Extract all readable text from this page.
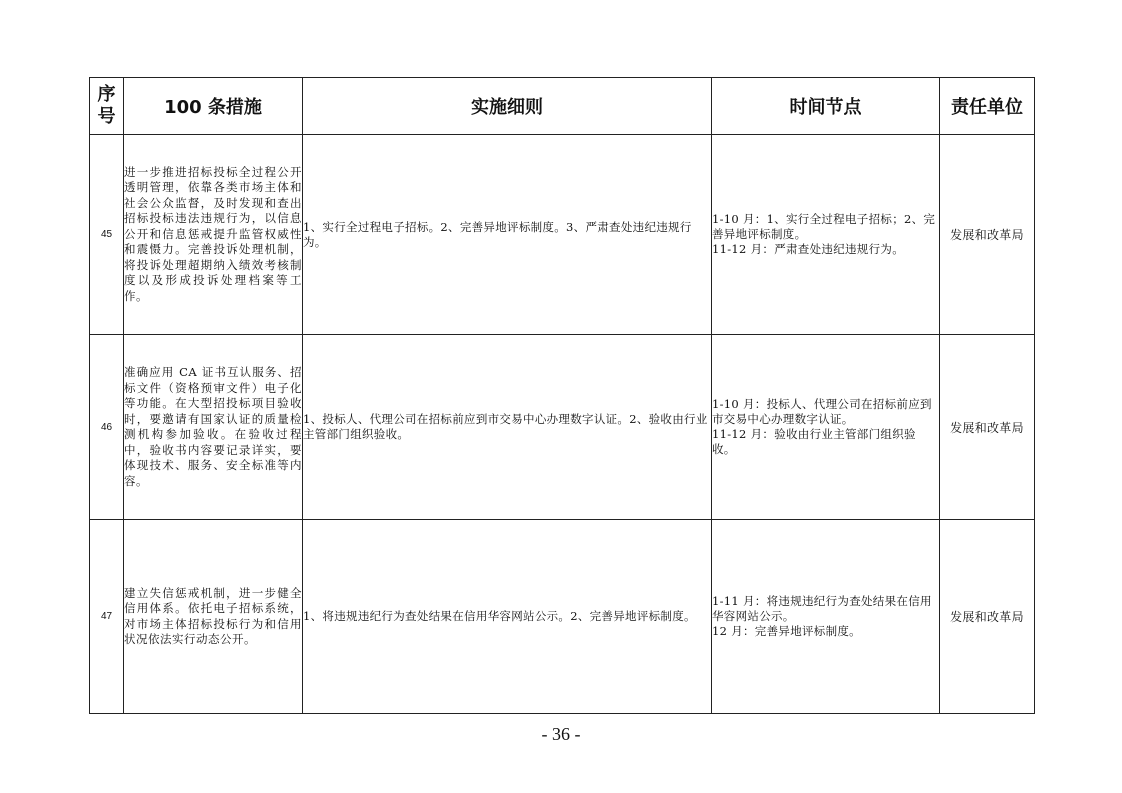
序
号	100 条措施	实施细则	时间节点	责任单位
45	进一步推进招标投标全过程公开透明管理，依靠各类市场主体和社会公众监督，及时发现和查出招标投标违法违规行为，以信息公开和信息惩戒提升监管权威性和震慑力。完善投诉处理机制，将投诉处理超期纳入绩效考核制度以及形成投诉处理档案等工作。	1、实行全过程电子招标。2、完善异地评标制度。3、严肃查处违纪违规行为。	1-10 月：1、实行全过程电子招标；2、完善异地评标制度。
11-12 月：严肃查处违纪违规行为。	发展和改革局
46	准确应用 CA 证书互认服务、招标文件（资格预审文件）电子化等功能。在大型招投标项目验收时，要邀请有国家认证的质量检测机构参加验收。在验收过程中，验收书内容要记录详实，要体现技术、服务、安全标准等内容。	1、投标人、代理公司在招标前应到市交易中心办理数字认证。2、验收由行业主管部门组织验收。	1-10 月：投标人、代理公司在招标前应到市交易中心办理数字认证。
11-12 月：验收由行业主管部门组织验收。	发展和改革局
47	建立失信惩戒机制，进一步健全信用体系。依托电子招标系统，对市场主体招标投标行为和信用状况依法实行动态公开。	1、将违规违纪行为查处结果在信用华容网站公示。2、完善异地评标制度。	1-11 月：将违规违纪行为查处结果在信用华容网站公示。
12 月：完善异地评标制度。	发展和改革局
- 36 -
